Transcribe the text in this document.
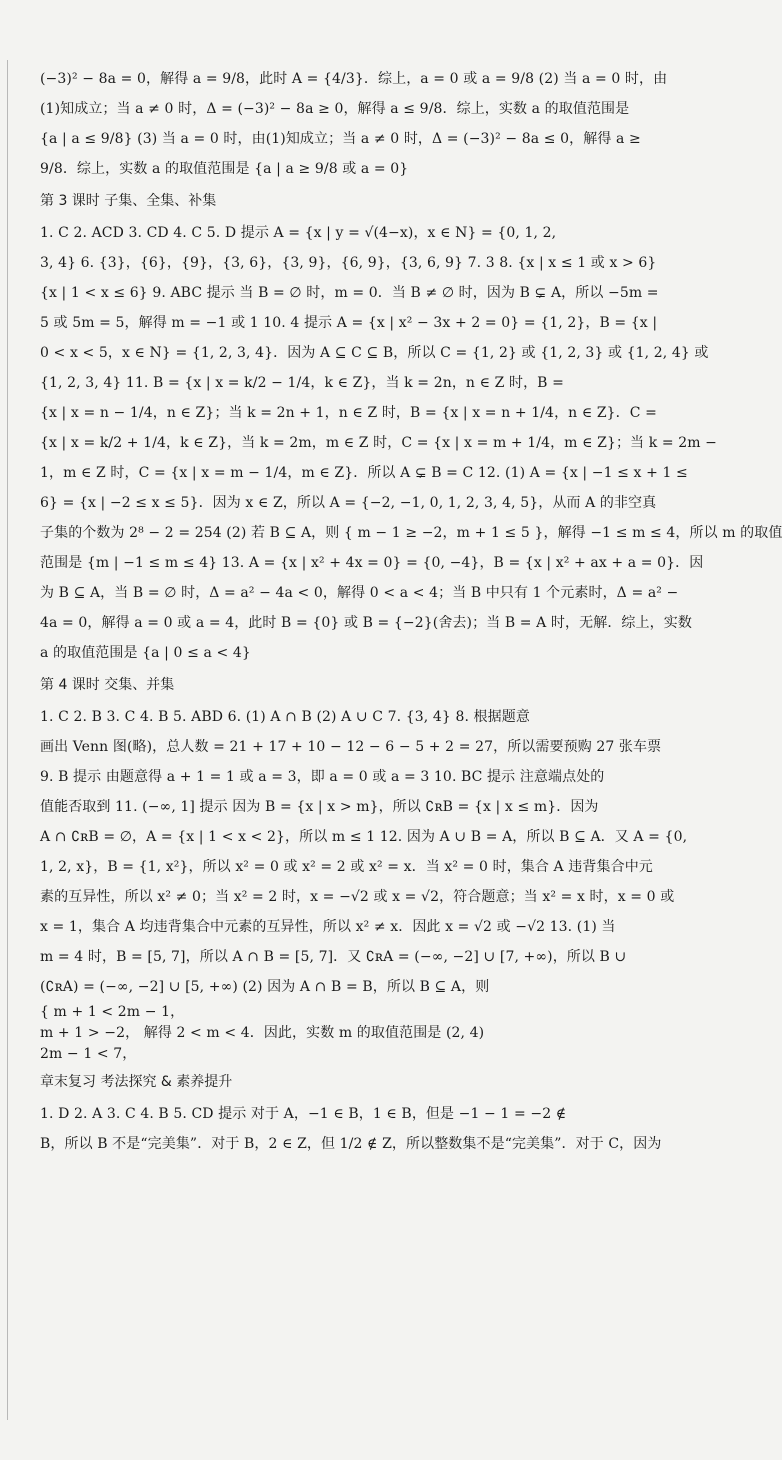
(−3)² − 8a = 0，解得 a = 9/8，此时 A = {4/3}．综上，a = 0 或 a = 9/8 (2) 当 a = 0 时，由

(1)知成立；当 a ≠ 0 时，Δ = (−3)² − 8a ≥ 0，解得 a ≤ 9/8．综上，实数 a 的取值范围是

{a | a ≤ 9/8} (3) 当 a = 0 时，由(1)知成立；当 a ≠ 0 时，Δ = (−3)² − 8a ≤ 0，解得 a ≥

9/8．综上，实数 a 的取值范围是 {a | a ≥ 9/8 或 a = 0}

第 3 课时 子集、全集、补集

1. C 2. ACD 3. CD 4. C 5. D 提示 A = {x | y = √(4−x)，x ∈ N} = {0, 1, 2,

3, 4} 6. {3}，{6}，{9}，{3, 6}，{3, 9}，{6, 9}，{3, 6, 9} 7. 3 8. {x | x ≤ 1 或 x > 6}

{x | 1 < x ≤ 6} 9. ABC 提示 当 B = ∅ 时，m = 0．当 B ≠ ∅ 时，因为 B ⊊ A，所以 −5m =

5 或 5m = 5，解得 m = −1 或 1 10. 4 提示 A = {x | x² − 3x + 2 = 0} = {1, 2}，B = {x |

0 < x < 5，x ∈ N} = {1, 2, 3, 4}．因为 A ⊆ C ⊆ B，所以 C = {1, 2} 或 {1, 2, 3} 或 {1, 2, 4} 或

{1, 2, 3, 4} 11. B = {x | x = k/2 − 1/4，k ∈ Z}，当 k = 2n，n ∈ Z 时，B =

{x | x = n − 1/4，n ∈ Z}；当 k = 2n + 1，n ∈ Z 时，B = {x | x = n + 1/4，n ∈ Z}．C =

{x | x = k/2 + 1/4，k ∈ Z}，当 k = 2m，m ∈ Z 时，C = {x | x = m + 1/4，m ∈ Z}；当 k = 2m −

1，m ∈ Z 时，C = {x | x = m − 1/4，m ∈ Z}．所以 A ⊊ B = C 12. (1) A = {x | −1 ≤ x + 1 ≤

6} = {x | −2 ≤ x ≤ 5}．因为 x ∈ Z，所以 A = {−2, −1, 0, 1, 2, 3, 4, 5}，从而 A 的非空真

子集的个数为 2⁸ − 2 = 254 (2) 若 B ⊆ A，则 { m − 1 ≥ −2，m + 1 ≤ 5 }，解得 −1 ≤ m ≤ 4，所以 m 的取值

范围是 {m | −1 ≤ m ≤ 4} 13. A = {x | x² + 4x = 0} = {0, −4}，B = {x | x² + ax + a = 0}．因

为 B ⊆ A，当 B = ∅ 时，Δ = a² − 4a < 0，解得 0 < a < 4；当 B 中只有 1 个元素时，Δ = a² −

4a = 0，解得 a = 0 或 a = 4，此时 B = {0} 或 B = {−2}(舍去)；当 B = A 时，无解．综上，实数

a 的取值范围是 {a | 0 ≤ a < 4}

第 4 课时 交集、并集

1. C 2. B 3. C 4. B 5. ABD 6. (1) A ∩ B (2) A ∪ C 7. {3, 4} 8. 根据题意

画出 Venn 图(略)，总人数 = 21 + 17 + 10 − 12 − 6 − 5 + 2 = 27，所以需要预购 27 张车票

9. B 提示 由题意得 a + 1 = 1 或 a = 3，即 a = 0 或 a = 3 10. BC 提示 注意端点处的

值能否取到 11. (−∞, 1] 提示 因为 B = {x | x > m}，所以 ∁ʀB = {x | x ≤ m}．因为

A ∩ ∁ʀB = ∅，A = {x | 1 < x < 2}，所以 m ≤ 1 12. 因为 A ∪ B = A，所以 B ⊆ A．又 A = {0,

1, 2, x}，B = {1, x²}，所以 x² = 0 或 x² = 2 或 x² = x．当 x² = 0 时，集合 A 违背集合中元

素的互异性，所以 x² ≠ 0；当 x² = 2 时，x = −√2 或 x = √2，符合题意；当 x² = x 时，x = 0 或

x = 1，集合 A 均违背集合中元素的互异性，所以 x² ≠ x．因此 x = √2 或 −√2 13. (1) 当

m = 4 时，B = [5, 7]，所以 A ∩ B = [5, 7]．又 ∁ʀA = (−∞, −2] ∪ [7, +∞)，所以 B ∪

(∁ʀA) = (−∞, −2] ∪ [5, +∞) (2) 因为 A ∩ B = B，所以 B ⊆ A，则

{ m + 1 < 2m − 1，

m + 1 > −2， 解得 2 < m < 4．因此，实数 m 的取值范围是 (2, 4)

2m − 1 < 7，

章末复习 考法探究 & 素养提升

1. D 2. A 3. C 4. B 5. CD 提示 对于 A，−1 ∈ B，1 ∈ B，但是 −1 − 1 = −2 ∉

B，所以 B 不是“完美集”．对于 B，2 ∈ Z，但 1/2 ∉ Z，所以整数集不是“完美集”．对于 C，因为
